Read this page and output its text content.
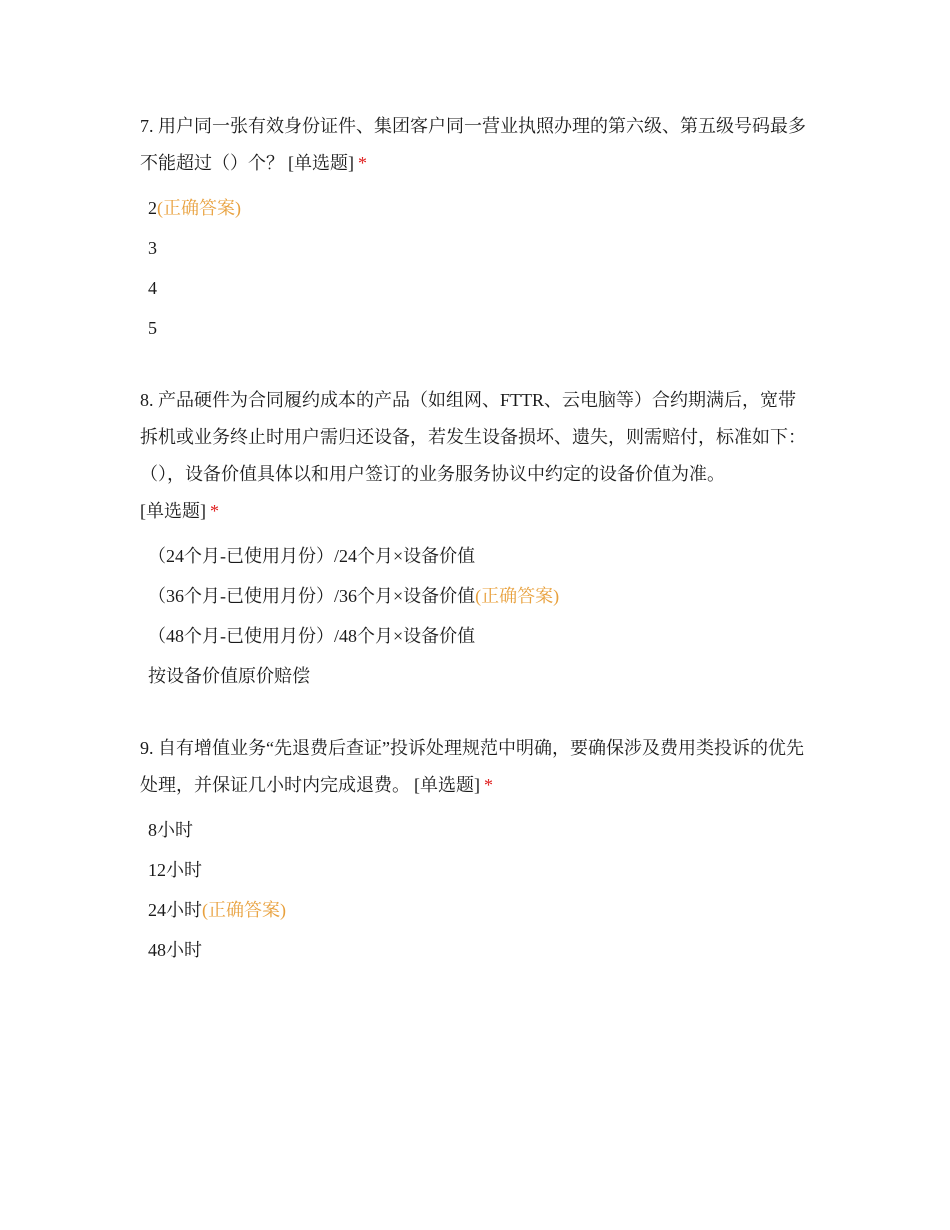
7. 用户同一张有效身份证件、集团客户同一营业执照办理的第六级、第五级号码最多不能超过（）个？ [单选题] *

2(正确答案)
3
4
5

8. 产品硬件为合同履约成本的产品（如组网、FTTR、云电脑等）合约期满后，宽带拆机或业务终止时用户需归还设备，若发生设备损坏、遗失，则需赔付，标准如下：（），设备价值具体以和用户签订的业务服务协议中约定的设备价值为准。
[单选题] *

（24个月-已使用月份）/24个月×设备价值
（36个月-已使用月份）/36个月×设备价值(正确答案)
（48个月-已使用月份）/48个月×设备价值
按设备价值原价赔偿

9. 自有增值业务“先退费后查证”投诉处理规范中明确，要确保涉及费用类投诉的优先处理，并保证几小时内完成退费。 [单选题] *

8小时
12小时
24小时(正确答案)
48小时
